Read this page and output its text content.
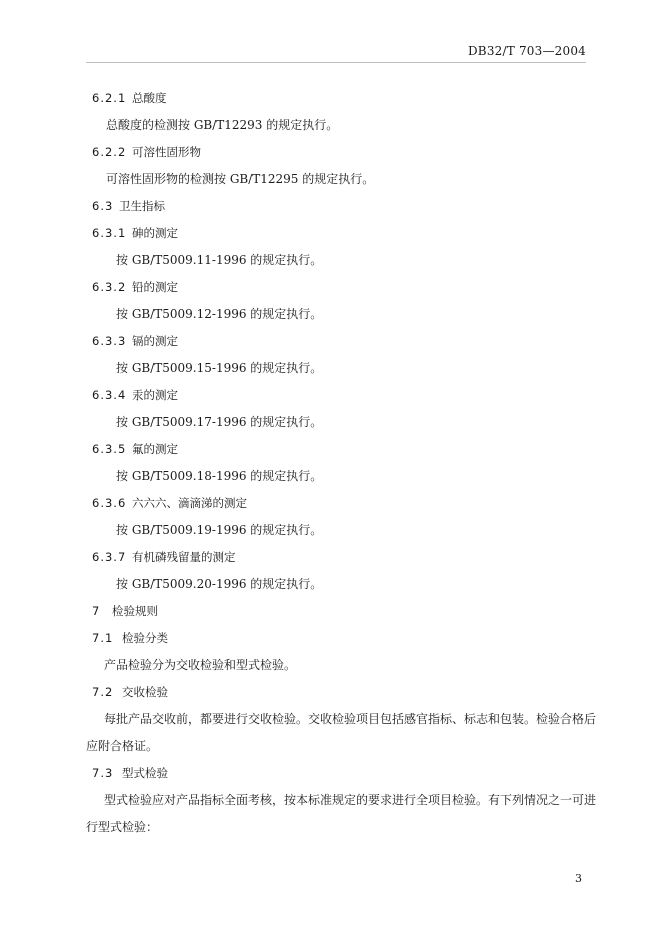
DB32/T 703—2004
6.2.1 总酸度
总酸度的检测按 GB/T12293 的规定执行。
6.2.2 可溶性固形物
可溶性固形物的检测按 GB/T12295 的规定执行。
6.3 卫生指标
6.3.1 砷的测定
按 GB/T5009.11-1996 的规定执行。
6.3.2 铅的测定
按 GB/T5009.12-1996 的规定执行。
6.3.3 镉的测定
按 GB/T5009.15-1996 的规定执行。
6.3.4 汞的测定
按 GB/T5009.17-1996 的规定执行。
6.3.5 氟的测定
按 GB/T5009.18-1996 的规定执行。
6.3.6 六六六、滴滴涕的测定
按 GB/T5009.19-1996 的规定执行。
6.3.7 有机磷残留量的测定
按 GB/T5009.20-1996 的规定执行。
7 检验规则
7.1 检验分类
产品检验分为交收检验和型式检验。
7.2 交收检验
每批产品交收前，都要进行交收检验。交收检验项目包括感官指标、标志和包装。检验合格后
应附合格证。
7.3 型式检验
型式检验应对产品指标全面考核，按本标准规定的要求进行全项目检验。有下列情况之一可进
行型式检验：
3
